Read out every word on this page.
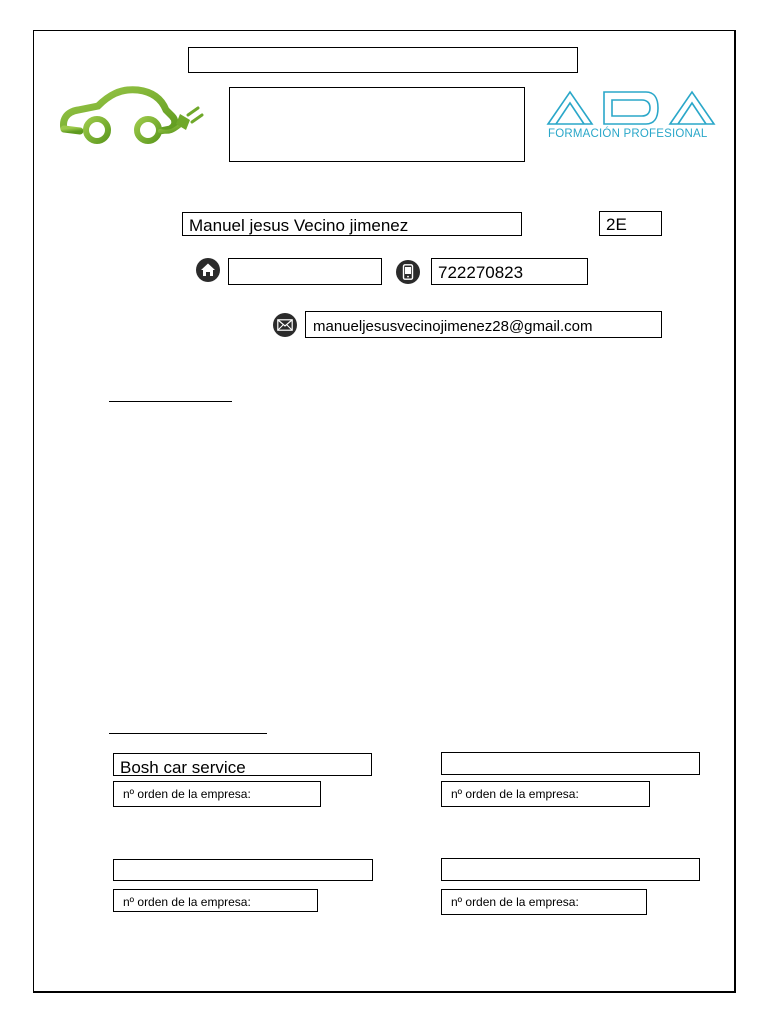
FORMACIÓN PROFESIONAL
Manuel jesus Vecino jimenez	2E
722270823
manueljesusvecinojimenez28@gmail.com
Bosh car service
nº orden de la empresa:	nº orden de la empresa:
nº orden de la empresa:	nº orden de la empresa:
